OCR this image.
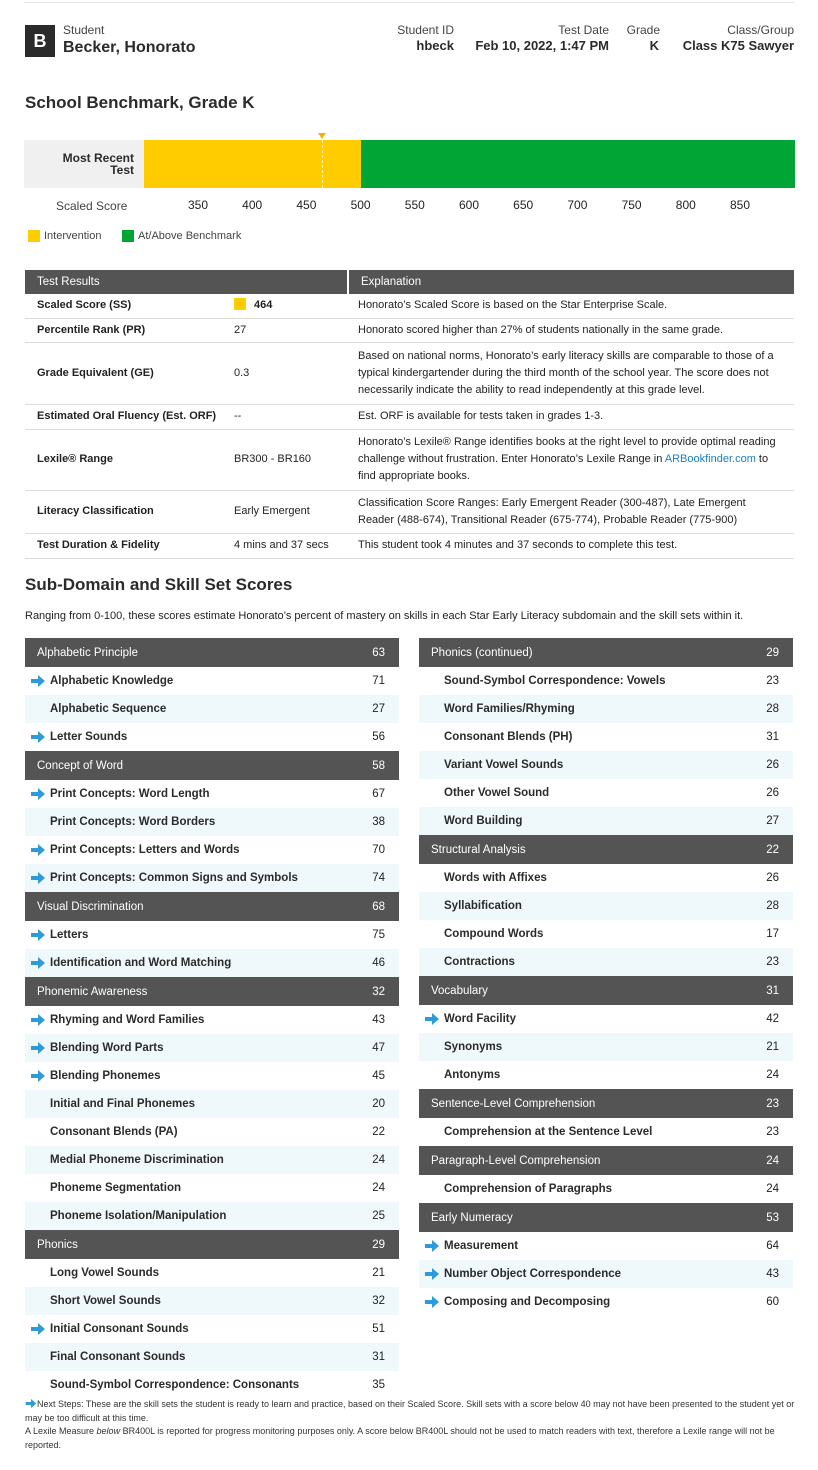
B
Student
Becker, Honorato
Student ID
hbeck
Test Date
Feb 10, 2022, 1:47 PM
Grade
K
Class/Group
Class K75 Sawyer
School Benchmark, Grade K
Most Recent
Test
Scaled Score	350	400	450	500	550	600	650	700	750	800	850
Intervention	At/Above Benchmark
Test Results		Explanation
Scaled Score (SS)	464	Honorato’s Scaled Score is based on the Star Enterprise Scale.
Percentile Rank (PR)	27	Honorato scored higher than 27% of students nationally in the same grade.
Grade Equivalent (GE)	0.3	Based on national norms, Honorato’s early literacy skills are comparable to those of a typical kindergartender during the third month of the school year. The score does not necessarily indicate the ability to read independently at this grade level.
Estimated Oral Fluency (Est. ORF)	--	Est. ORF is available for tests taken in grades 1-3.
Lexile® Range	BR300 - BR160	Honorato’s Lexile® Range identifies books at the right level to provide optimal reading challenge without frustration. Enter Honorato’s Lexile Range in ARBookfinder.com to find appropriate books.
Literacy Classification	Early Emergent	Classification Score Ranges: Early Emergent Reader (300-487), Late Emergent Reader (488-674), Transitional Reader (675-774), Probable Reader (775-900)
Test Duration & Fidelity	4 mins and 37 secs	This student took 4 minutes and 37 seconds to complete this test.
Sub-Domain and Skill Set Scores
Ranging from 0-100, these scores estimate Honorato’s percent of mastery on skills in each Star Early Literacy subdomain and the skill sets within it.
Alphabetic Principle	63
Alphabetic Knowledge	71
Alphabetic Sequence	27
Letter Sounds	56
Concept of Word	58
Print Concepts: Word Length	67
Print Concepts: Word Borders	38
Print Concepts: Letters and Words	70
Print Concepts: Common Signs and Symbols	74
Visual Discrimination	68
Letters	75
Identification and Word Matching	46
Phonemic Awareness	32
Rhyming and Word Families	43
Blending Word Parts	47
Blending Phonemes	45
Initial and Final Phonemes	20
Consonant Blends (PA)	22
Medial Phoneme Discrimination	24
Phoneme Segmentation	24
Phoneme Isolation/Manipulation	25
Phonics	29
Long Vowel Sounds	21
Short Vowel Sounds	32
Initial Consonant Sounds	51
Final Consonant Sounds	31
Sound-Symbol Correspondence: Consonants	35
Phonics (continued)	29
Sound-Symbol Correspondence: Vowels	23
Word Families/Rhyming	28
Consonant Blends (PH)	31
Variant Vowel Sounds	26
Other Vowel Sound	26
Word Building	27
Structural Analysis	22
Words with Affixes	26
Syllabification	28
Compound Words	17
Contractions	23
Vocabulary	31
Word Facility	42
Synonyms	21
Antonyms	24
Sentence-Level Comprehension	23
Comprehension at the Sentence Level	23
Paragraph-Level Comprehension	24
Comprehension of Paragraphs	24
Early Numeracy	53
Measurement	64
Number Object Correspondence	43
Composing and Decomposing	60
Next Steps: These are the skill sets the student is ready to learn and practice, based on their Scaled Score. Skill sets with a score below 40 may not have been presented to the student yet or may be too difficult at this time.
A Lexile Measure below BR400L is reported for progress monitoring purposes only. A score below BR400L should not be used to match readers with text, therefore a Lexile range will not be reported.
